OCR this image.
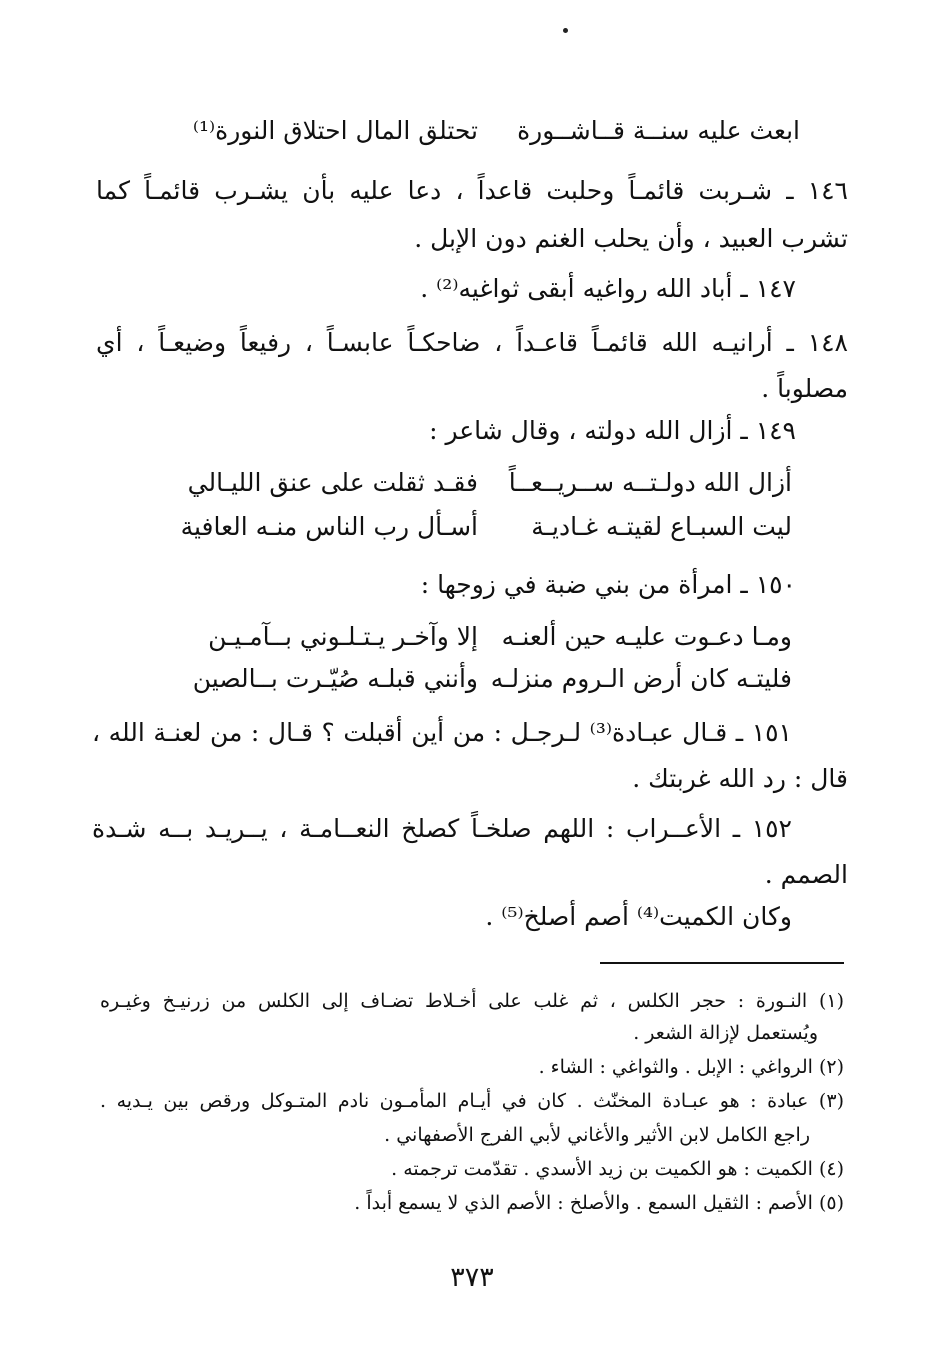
ابعث عليه سنــة قــاشــورة
تحتلق المال احتلاق النورة⁽¹⁾
١٤٦ ـ شـربت قائمـاً وحلبت قاعداً ، دعا عليه بأن يشـرب قائمـاً كما
تشرب العبيد ، وأن يحلب الغنم دون الإبل .
١٤٧ ـ أباد الله رواغيه أبقى ثواغيه⁽²⁾ .
١٤٨ ـ أرانيـه الله قائمـاً قاعـداً ، ضاحكـاً عابسـاً ، رفيعاً وضيعـاً ، أي
مصلوباً .
١٤٩ ـ أزال الله دولته ، وقال شاعر :
أزال الله دولـتــه ســريــعــاً
فقـد ثقلت على عنق الليـالي
ليت السبـاع لقيتـه غـاديـة
أسـأل رب الناس منـه العافية
١٥٠ ـ امرأة من بني ضبة في زوجها :
ومـا دعـوت عليـه حين ألعنـه
إلا وآخـر يـتـلـوني بــآمـيـن
فليتـه كان أرض الـروم منزلـه
وأنني قبلـه صُيّـرت بــالصين
١٥١ ـ قـال عبـادة⁽³⁾ لـرجـل : من أين أقبلت ؟ قـال : من لعنـة الله ،
قال : رد الله غربتك .
١٥٢ ـ الأعــراب : اللهم صلخـاً كصلخ النعــامـة ، يــريـد بــه شـدة
الصمم .
وكان الكميت⁽⁴⁾ أصم أصلخ⁽⁵⁾ .
(١) النـورة : حجر الكلس ، ثم غلب على أخـلاط تضـاف إلى الكلس من زرنيـخ وغيـره
ويُستعمل لإزالة الشعر .
(٢) الرواغي : الإبل . والثواغي : الشاء .
(٣) عبادة : هو عبـادة المخنّث . كان في أيـام المأمـون نادم المتـوكل ورقص بين يـديه .
راجع الكامل لابن الأثير والأغاني لأبي الفرج الأصفهاني .
(٤) الكميت : هو الكميت بن زيد الأسدي . تقدّمت ترجمته .
(٥) الأصم : الثقيل السمع . والأصلخ : الأصم الذي لا يسمع أبداً .
٣٧٣
